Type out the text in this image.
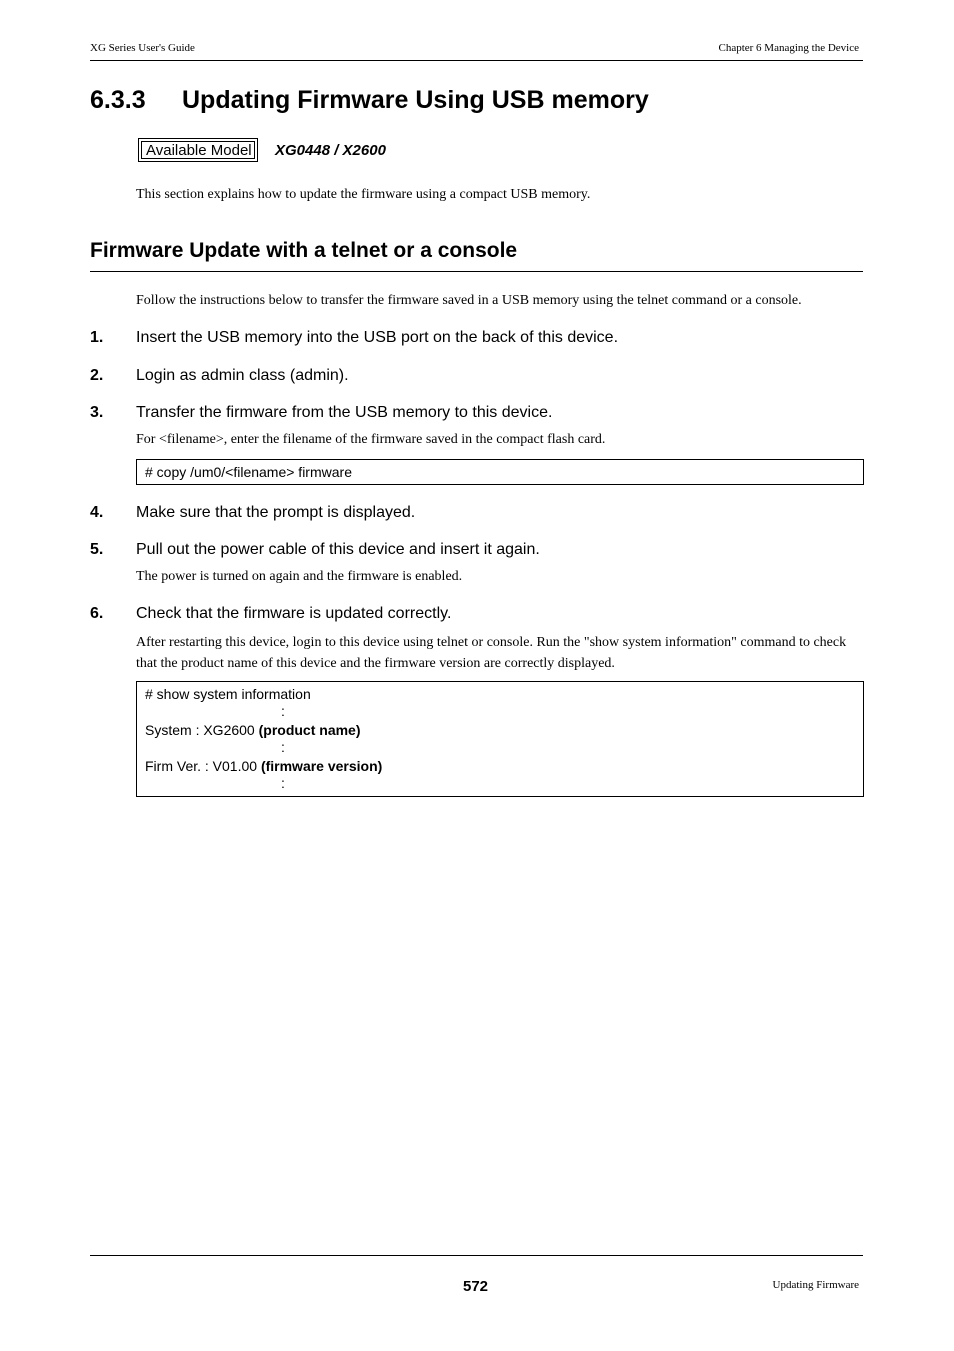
XG Series User's Guide	Chapter 6 Managing the Device
6.3.3 Updating Firmware Using USB memory
Available Model XG0448 / X2600
This section explains how to update the firmware using a compact USB memory.
Firmware Update with a telnet or a console
Follow the instructions below to transfer the firmware saved in a USB memory using the telnet command or a console.
1. Insert the USB memory into the USB port on the back of this device.
2. Login as admin class (admin).
3. Transfer the firmware from the USB memory to this device.
For <filename>, enter the filename of the firmware saved in the compact flash card.
# copy /um0/<filename> firmware
4. Make sure that the prompt is displayed.
5. Pull out the power cable of this device and insert it again.
The power is turned on again and the firmware is enabled.
6. Check that the firmware is updated correctly.
After restarting this device, login to this device using telnet or console. Run the "show system information" command to check that the product name of this device and the firmware version are correctly displayed.
# show system information
:
System : XG2600 (product name)
:
Firm Ver. : V01.00 (firmware version)
:
572	Updating Firmware
